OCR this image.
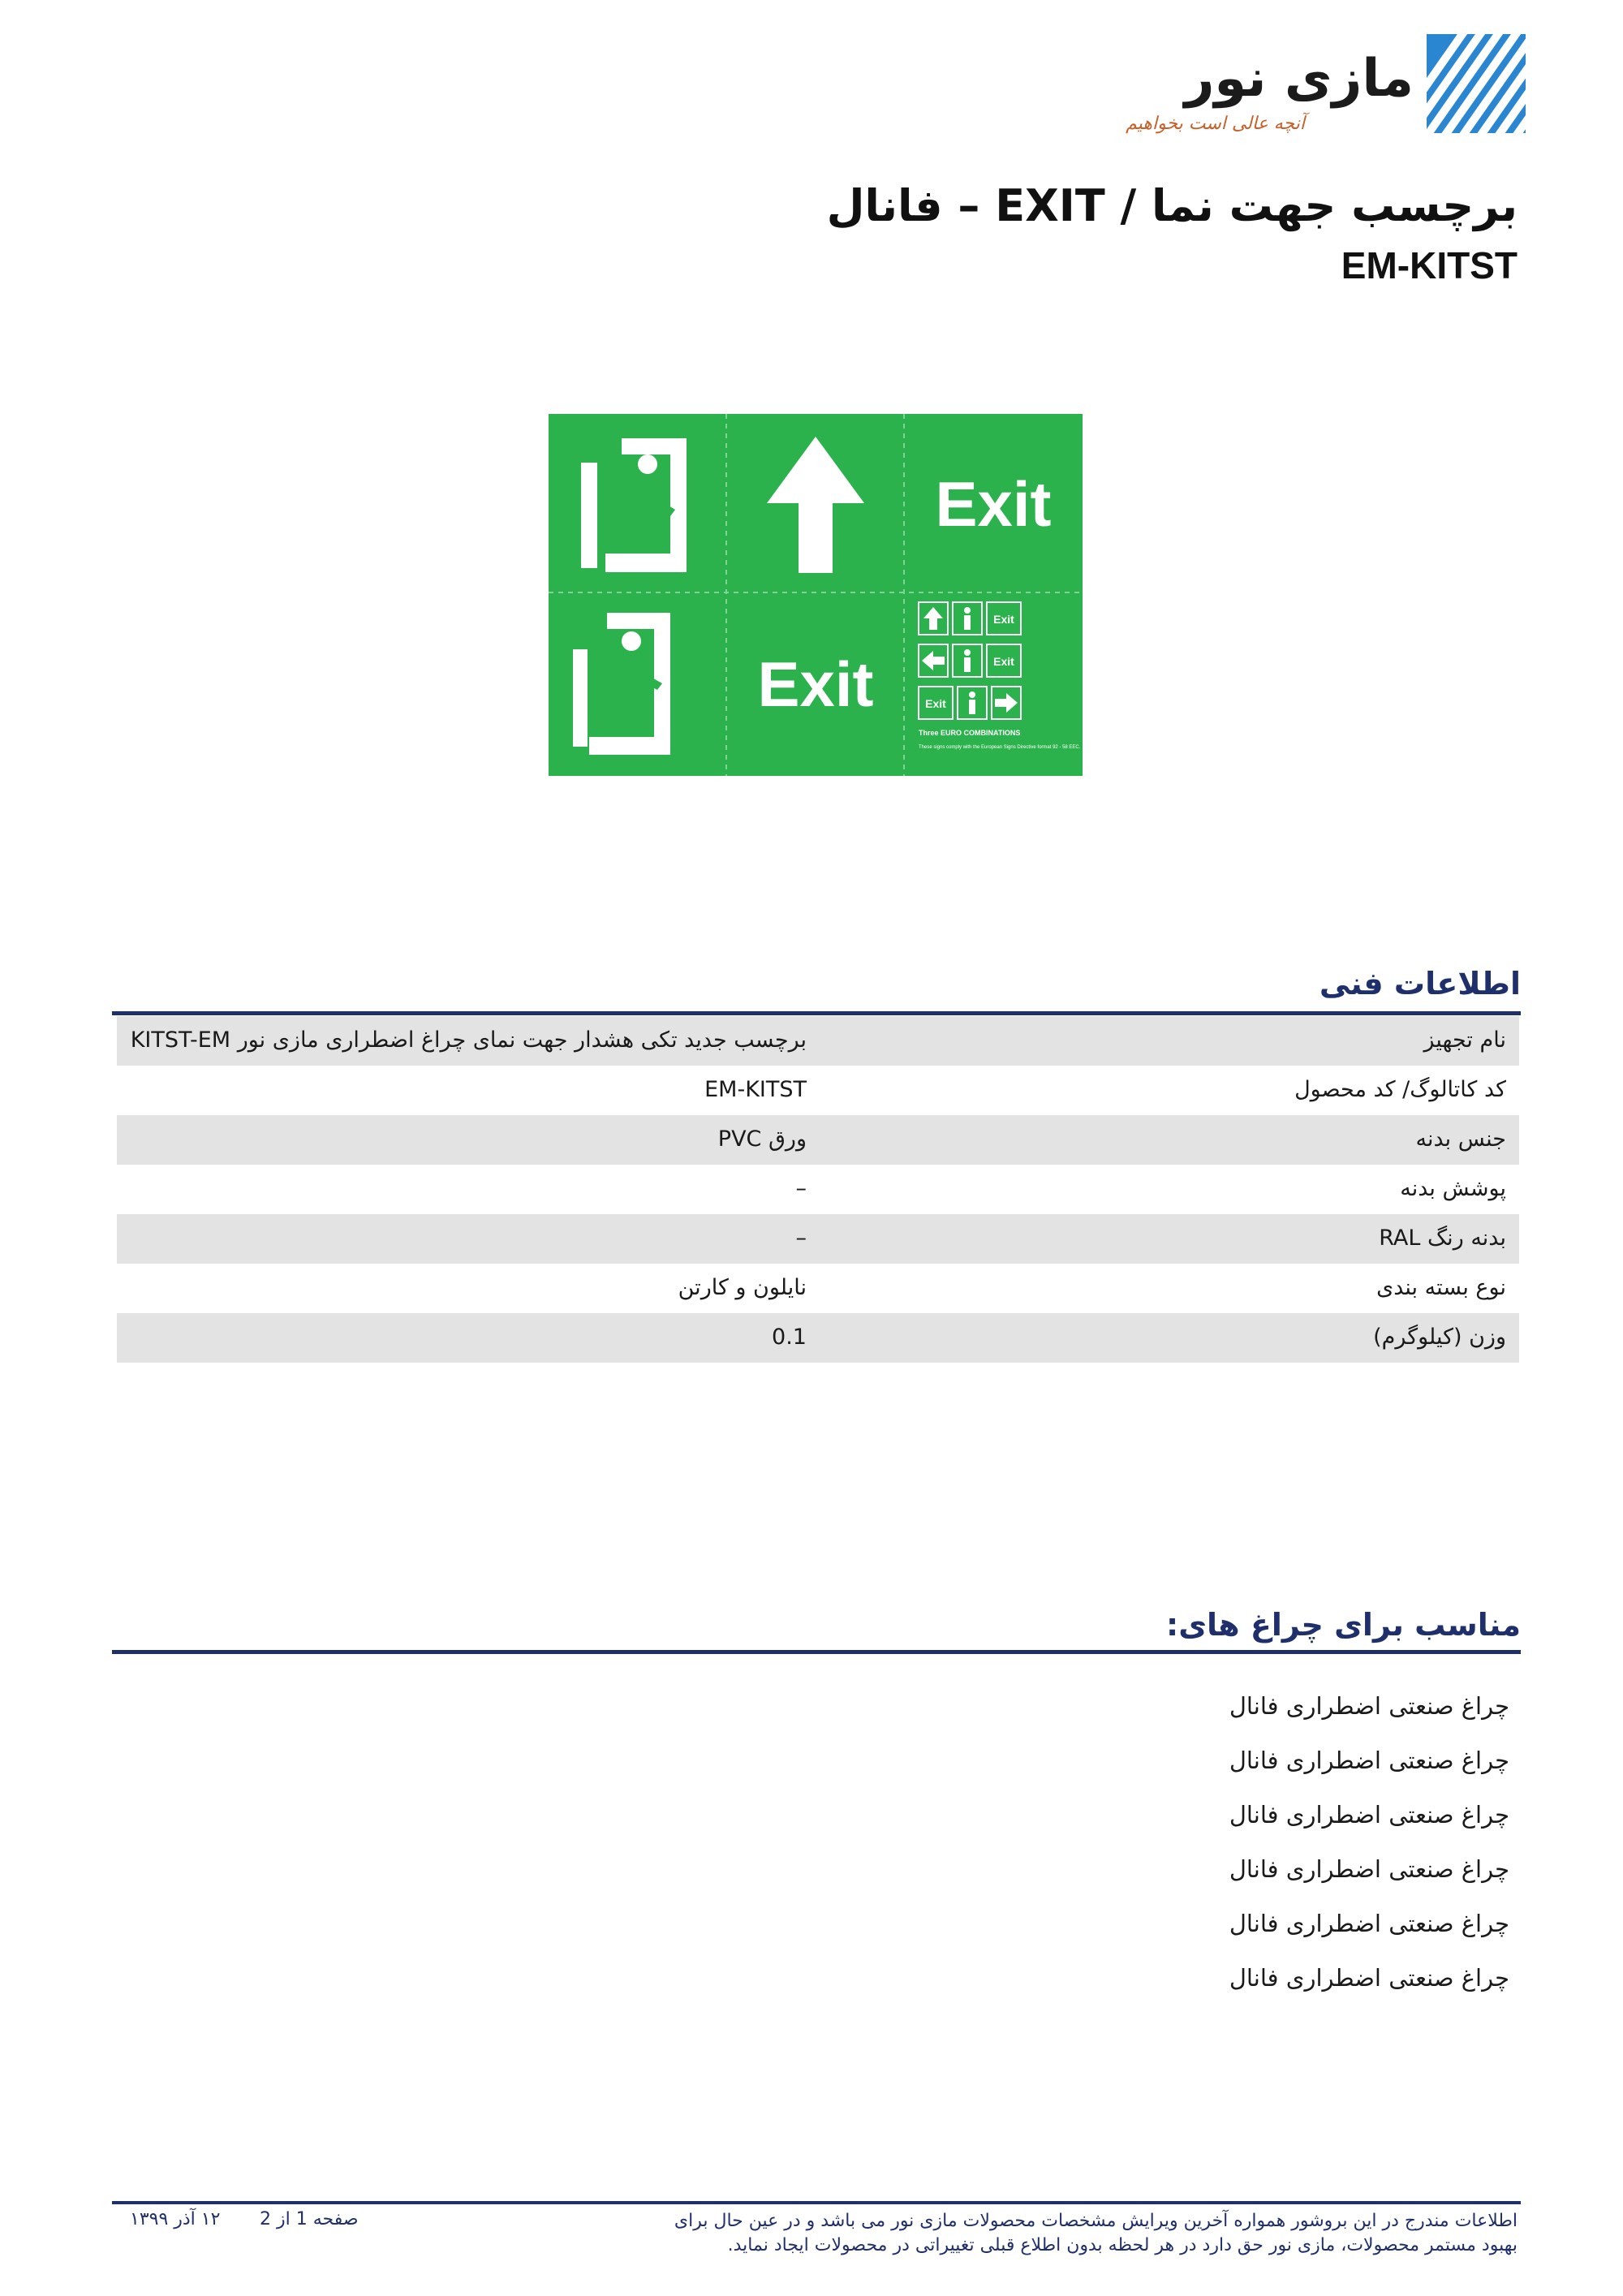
مازی نور
آنچه عالی است بخواهیم
برچسب جهت نما / EXIT – فانال
EM-KITST
Exit
Exit
Exit
Exit
Exit
Three EURO COMBINATIONS
These signs comply with the European Signs Directive format 92 - 58 EEC.
اطلاعات فنی
نام تجهیز
برچسب جدید تکی هشدار جهت نمای چراغ اضطراری مازی نور KITST-EM
کد کاتالوگ/ کد محصول
EM-KITST
جنس بدنه
ورق PVC
پوشش بدنه
–
بدنه رنگ RAL
–
نوع بسته بندی
نایلون و کارتن
وزن (کیلوگرم)
0.1
مناسب برای چراغ های:
چراغ صنعتی اضطراری فانال
چراغ صنعتی اضطراری فانال
چراغ صنعتی اضطراری فانال
چراغ صنعتی اضطراری فانال
چراغ صنعتی اضطراری فانال
چراغ صنعتی اضطراری فانال
اطلاعات مندرج در این بروشور همواره آخرین ویرایش مشخصات محصولات مازی نور می باشد و در عین حال برای بهبود مستمر محصولات، مازی نور حق دارد در هر لحظه بدون اطلاع قبلی تغییراتی در محصولات ایجاد نماید.
صفحه 1 از 2
۱۲ آذر ۱۳۹۹
